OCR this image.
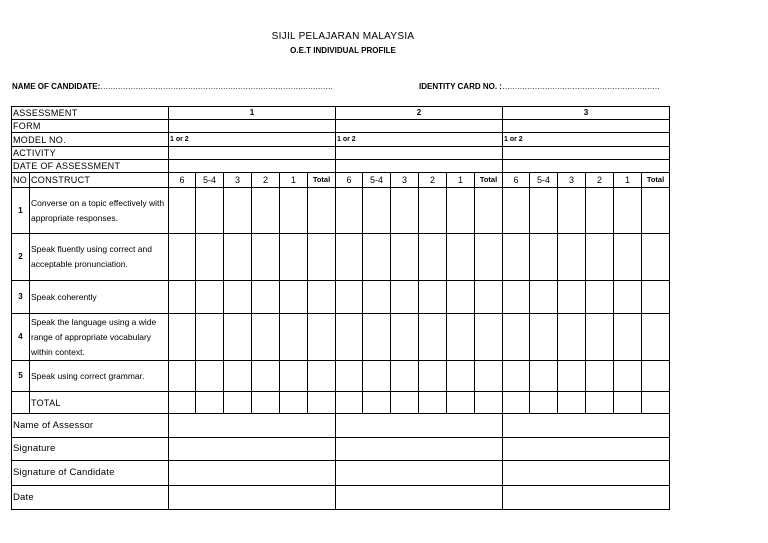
SIJIL PELAJARAN MALAYSIA
O.E.T INDIVIDUAL PROFILE
NAME OF CANDIDATE:…………………………………………………………………………………	IDENTITY CARD NO. :………………………………………………………
ASSESSMENT		1						2						3					
FORM																			
MODEL NO.		1 or 2						1 or 2						1 or 2					
ACTIVITY																			
DATE OF ASSESSMENT																			
NO	CONSTRUCT	6	5-4	3	2	1	Total	6	5-4	3	2	1	Total	6	5-4	3	2	1	Total
1	Converse on a topic effectively with appropriate responses.																		
2	Speak fluently using correct and acceptable pronunciation.																		
3	Speak coherently																		
4	Speak the language using a wide range of appropriate vocabulary within context.																		
5	Speak using correct grammar.																		
	TOTAL																		
Name of Assessor																			
Signature																			
Signature of Candidate																			
Date																			
